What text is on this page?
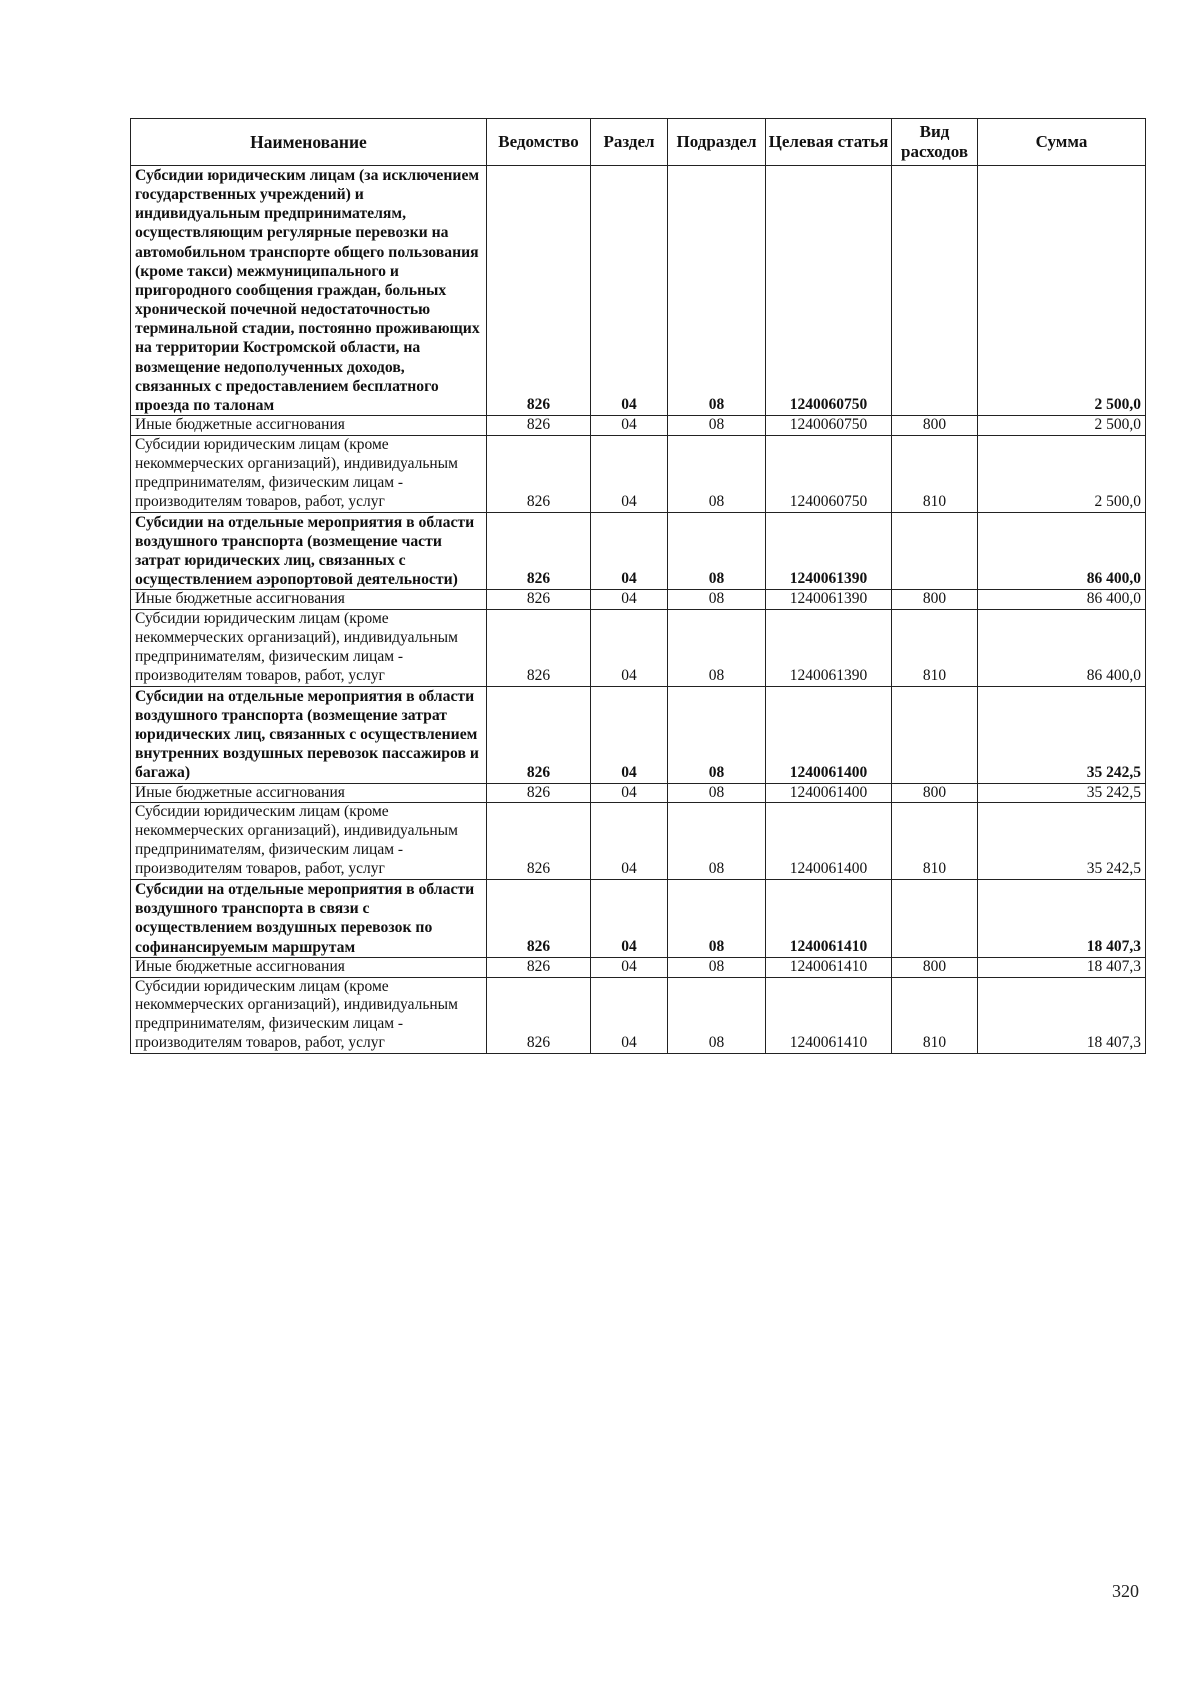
Наименование	Ведомство	Раздел	Подраздел	Целевая статья	Вид расходов	Сумма
Субсидии юридическим лицам (за исключением государственных учреждений) и индивидуальным предпринимателям, осуществляющим регулярные перевозки на автомобильном транспорте общего пользования (кроме такси) межмуниципального и пригородного сообщения граждан, больных хронической почечной недостаточностью терминальной стадии, постоянно проживающих на территории Костромской области, на возмещение недополученных доходов, связанных с предоставлением бесплатного проезда по талонам	826	04	08	1240060750		2 500,0
Иные бюджетные ассигнования	826	04	08	1240060750	800	2 500,0
Субсидии юридическим лицам (кроме некоммерческих организаций), индивидуальным предпринимателям, физическим лицам - производителям товаров, работ, услуг	826	04	08	1240060750	810	2 500,0
Субсидии на отдельные мероприятия в области воздушного транспорта (возмещение части затрат юридических лиц, связанных с осуществлением аэропортовой деятельности)	826	04	08	1240061390		86 400,0
Иные бюджетные ассигнования	826	04	08	1240061390	800	86 400,0
Субсидии юридическим лицам (кроме некоммерческих организаций), индивидуальным предпринимателям, физическим лицам - производителям товаров, работ, услуг	826	04	08	1240061390	810	86 400,0
Субсидии на отдельные мероприятия в области воздушного транспорта (возмещение затрат юридических лиц, связанных с осуществлением внутренних воздушных перевозок пассажиров и багажа)	826	04	08	1240061400		35 242,5
Иные бюджетные ассигнования	826	04	08	1240061400	800	35 242,5
Субсидии юридическим лицам (кроме некоммерческих организаций), индивидуальным предпринимателям, физическим лицам - производителям товаров, работ, услуг	826	04	08	1240061400	810	35 242,5
Субсидии на отдельные мероприятия в области воздушного транспорта в связи с осуществлением воздушных перевозок по софинансируемым маршрутам	826	04	08	1240061410		18 407,3
Иные бюджетные ассигнования	826	04	08	1240061410	800	18 407,3
Субсидии юридическим лицам (кроме некоммерческих организаций), индивидуальным предпринимателям, физическим лицам - производителям товаров, работ, услуг	826	04	08	1240061410	810	18 407,3
320
